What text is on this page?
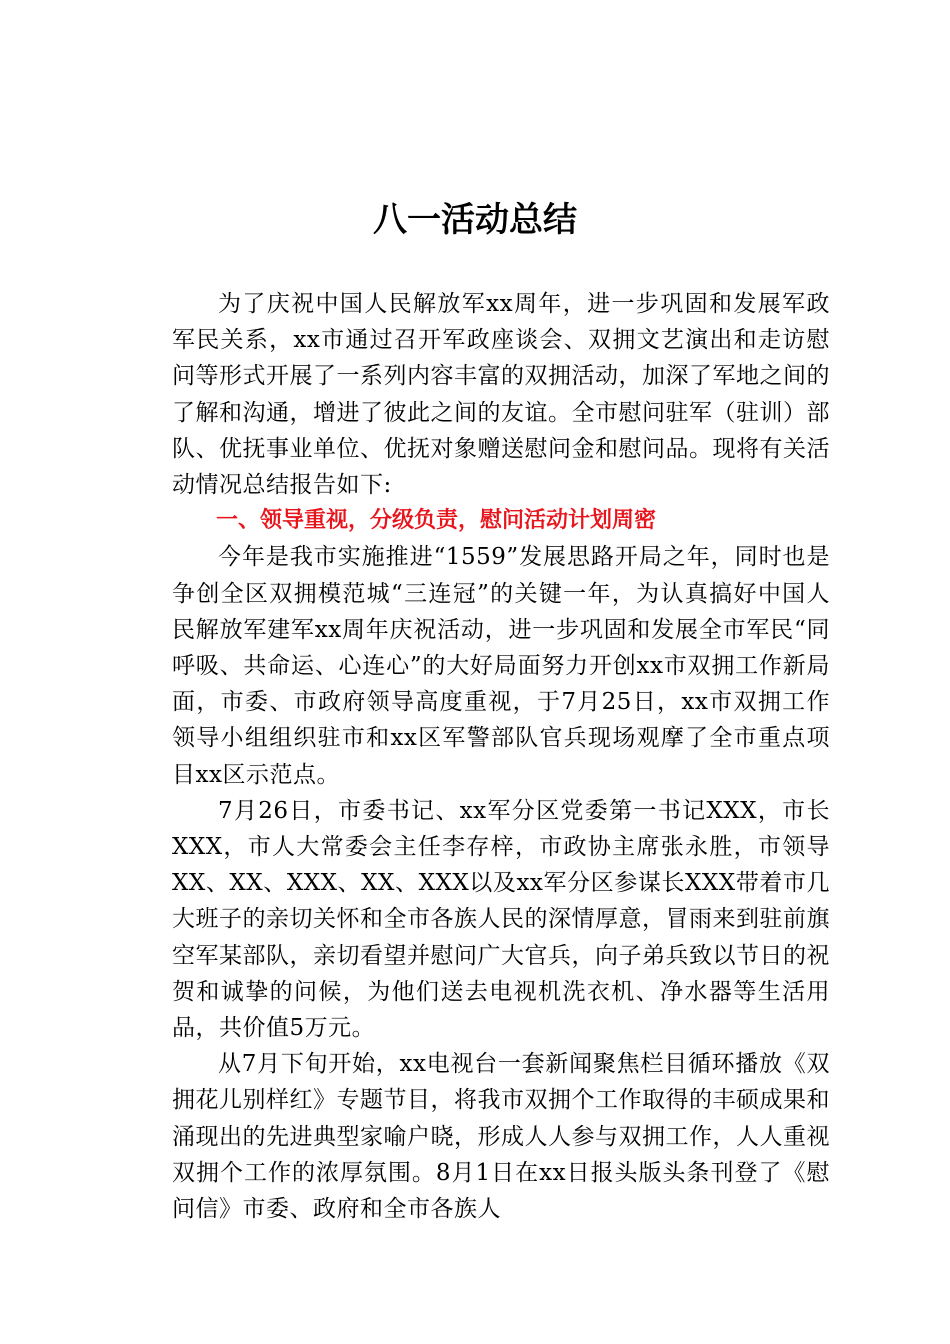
八一活动总结

为了庆祝中国人民解放军xx周年，进一步巩固和发展军政军民关系，xx市通过召开军政座谈会、双拥文艺演出和走访慰问等形式开展了一系列内容丰富的双拥活动，加深了军地之间的了解和沟通，增进了彼此之间的友谊。全市慰问驻军（驻训）部队、优抚事业单位、优抚对象赠送慰问金和慰问品。现将有关活动情况总结报告如下:

一、领导重视，分级负责，慰问活动计划周密

今年是我市实施推进“1559”发展思路开局之年，同时也是争创全区双拥模范城“三连冠”的关键一年，为认真搞好中国人民解放军建军xx周年庆祝活动，进一步巩固和发展全市军民“同呼吸、共命运、心连心”的大好局面努力开创xx市双拥工作新局面，市委、市政府领导高度重视，于7月25日，xx市双拥工作领导小组组织驻市和xx区军警部队官兵现场观摩了全市重点项目xx区示范点。

7月26日，市委书记、xx军分区党委第一书记XXX，市长XXX，市人大常委会主任李存梓，市政协主席张永胜，市领导XX、XX、XXX、XX、XXX以及xx军分区参谋长XXX带着市几大班子的亲切关怀和全市各族人民的深情厚意，冒雨来到驻前旗空军某部队，亲切看望并慰问广大官兵，向子弟兵致以节日的祝贺和诚挚的问候，为他们送去电视机洗衣机、净水器等生活用品，共价值5万元。

从7月下旬开始，xx电视台一套新闻聚焦栏目循环播放《双拥花儿别样红》专题节目，将我市双拥个工作取得的丰硕成果和涌现出的先进典型家喻户晓，形成人人参与双拥工作，人人重视双拥个工作的浓厚氛围。8月1日在xx日报头版头条刊登了《慰问信》市委、政府和全市各族人
